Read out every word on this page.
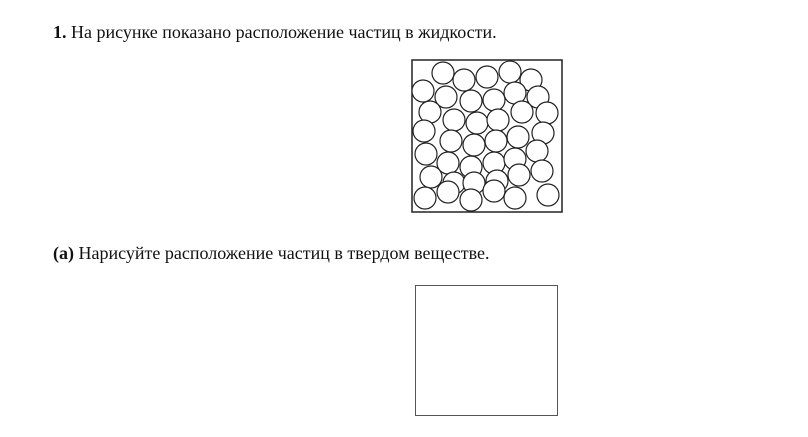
1. На рисунке показано расположение частиц в жидкости.
(a) Нарисуйте расположение частиц в твердом веществе.
